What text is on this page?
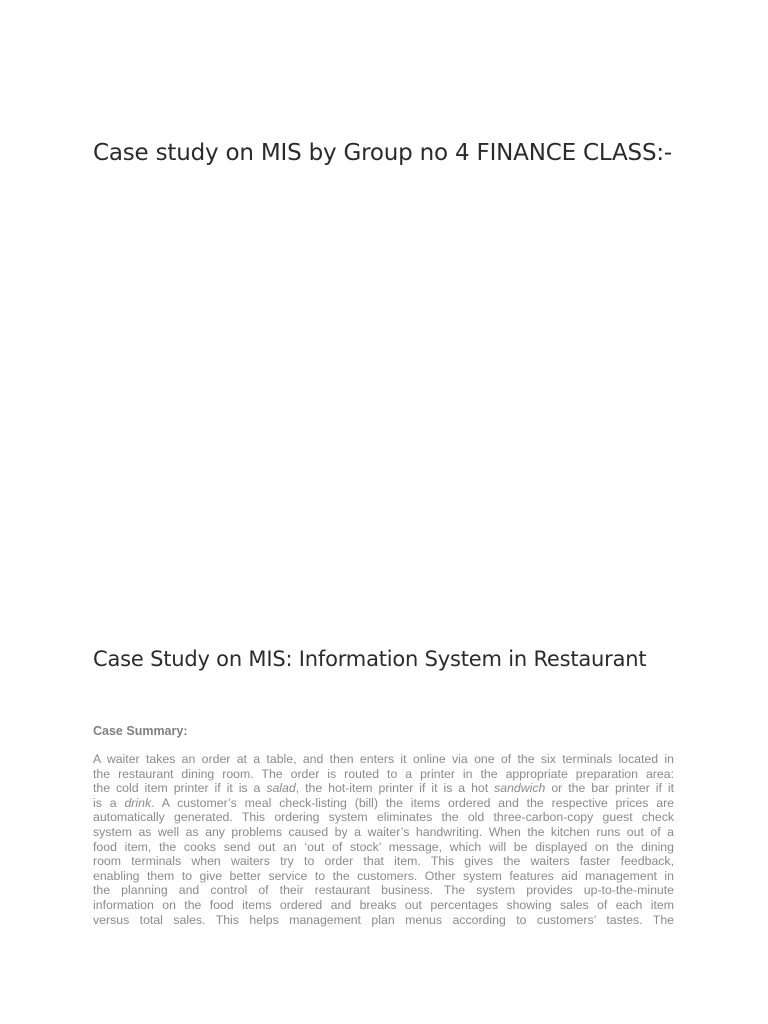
Case study on MIS by Group no 4 FINANCE CLASS:-
Case Study on MIS: Information System in Restaurant
Case Summary:
A waiter takes an order at a table, and then enters it online via one of the six terminals located in
the restaurant dining room. The order is routed to a printer in the appropriate preparation area:
the cold item printer if it is a salad, the hot-item printer if it is a hot sandwich or the bar printer if it
is a drink. A customer’s meal check-listing (bill) the items ordered and the respective prices are
automatically generated. This ordering system eliminates the old three-carbon-copy guest check
system as well as any problems caused by a waiter’s handwriting. When the kitchen runs out of a
food item, the cooks send out an ‘out of stock’ message, which will be displayed on the dining
room terminals when waiters try to order that item. This gives the waiters faster feedback,
enabling them to give better service to the customers. Other system features aid management in
the planning and control of their restaurant business. The system provides up-to-the-minute
information on the food items ordered and breaks out percentages showing sales of each item
versus total sales. This helps management plan menus according to customers’ tastes. The
